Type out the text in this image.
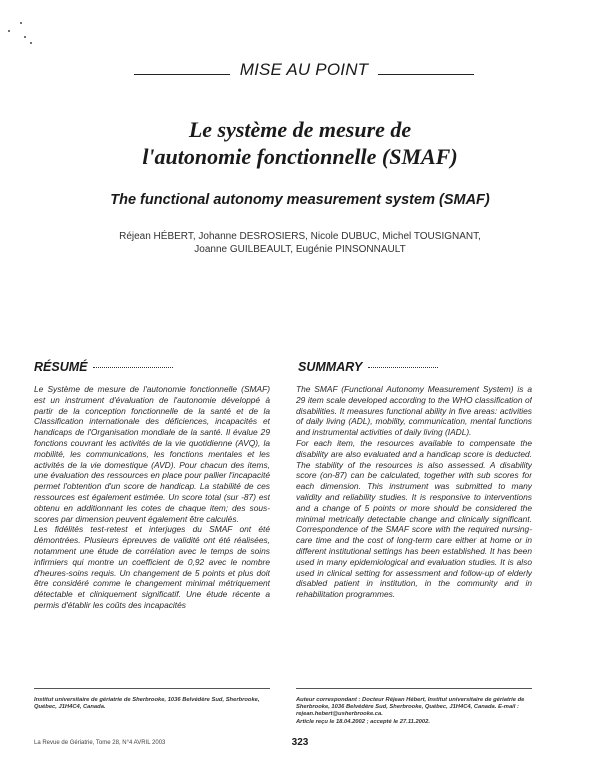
MISE AU POINT
Le système de mesure de
l'autonomie fonctionnelle (SMAF)
The functional autonomy measurement system (SMAF)
Réjean HÉBERT, Johanne DESROSIERS, Nicole DUBUC, Michel TOUSIGNANT,
Joanne GUILBEAULT, Eugénie PINSONNAULT
RÉSUMÉ	SUMMARY

Le Système de mesure de l'autonomie fonctionnelle (SMAF) est un instrument d'évaluation de l'autonomie développé à partir de la conception fonctionnelle de la santé et de la Classification internationale des déficiences, incapacités et handicaps de l'Organisation mondiale de la santé. Il évalue 29 fonctions couvrant les activités de la vie quotidienne (AVQ), la mobilité, les communications, les fonctions mentales et les activités de la vie domestique (AVD). Pour chacun des items, une évaluation des ressources en place pour pallier l'incapacité permet l'obtention d'un score de handicap. La stabilité de ces ressources est également estimée. Un score total (sur -87) est obtenu en additionnant les cotes de chaque item; des sous-scores par dimension peuvent également être calculés.

Les fidélités test-retest et interjuges du SMAF ont été démontrées. Plusieurs épreuves de validité ont été réalisées, notamment une étude de corrélation avec le temps de soins infirmiers qui montre un coefficient de 0,92 avec le nombre d'heures-soins requis. Un changement de 5 points et plus doit être considéré comme le changement minimal métriquement détectable et cliniquement significatif. Une étude récente a permis d'établir les coûts des incapacités

The SMAF (Functional Autonomy Measurement System) is a 29 item scale developed according to the WHO classification of disabilities. It measures functional ability in five areas: activities of daily living (ADL), mobility, communication, mental functions and instrumental activities of daily living (IADL).

For each item, the resources available to compensate the disability are also evaluated and a handicap score is deducted. The stability of the resources is also assessed. A disability score (on-87) can be calculated, together with sub scores for each dimension. This instrument was submitted to many validity and reliability studies. It is responsive to interventions and a change of 5 points or more should be considered the minimal metrically detectable change and clinically significant. Correspondence of the SMAF score with the required nursing-care time and the cost of long-term care either at home or in different institutional settings has been established. It has been used in many epidemiological and evaluation studies. It is also used in clinical setting for assessment and follow-up of elderly disabled patient in institution, in the community and in rehabilitation programmes.

Institut universitaire de gériatrie de Sherbrooke, 1036 Belvédère Sud, Sherbrooke, Québec, J1H4C4, Canada.
Auteur correspondant : Docteur Réjean Hébert, Institut universitaire de gériatrie de Sherbrooke, 1036 Belvédère Sud, Sherbrooke, Québec, J1H4C4, Canada. E-mail : rejean.hebert@usherbrooke.ca.
Article reçu le 18.04.2002 ; accepté le 27.11.2002.
La Revue de Gériatrie, Tome 28, N°4 AVRIL 2003	323
